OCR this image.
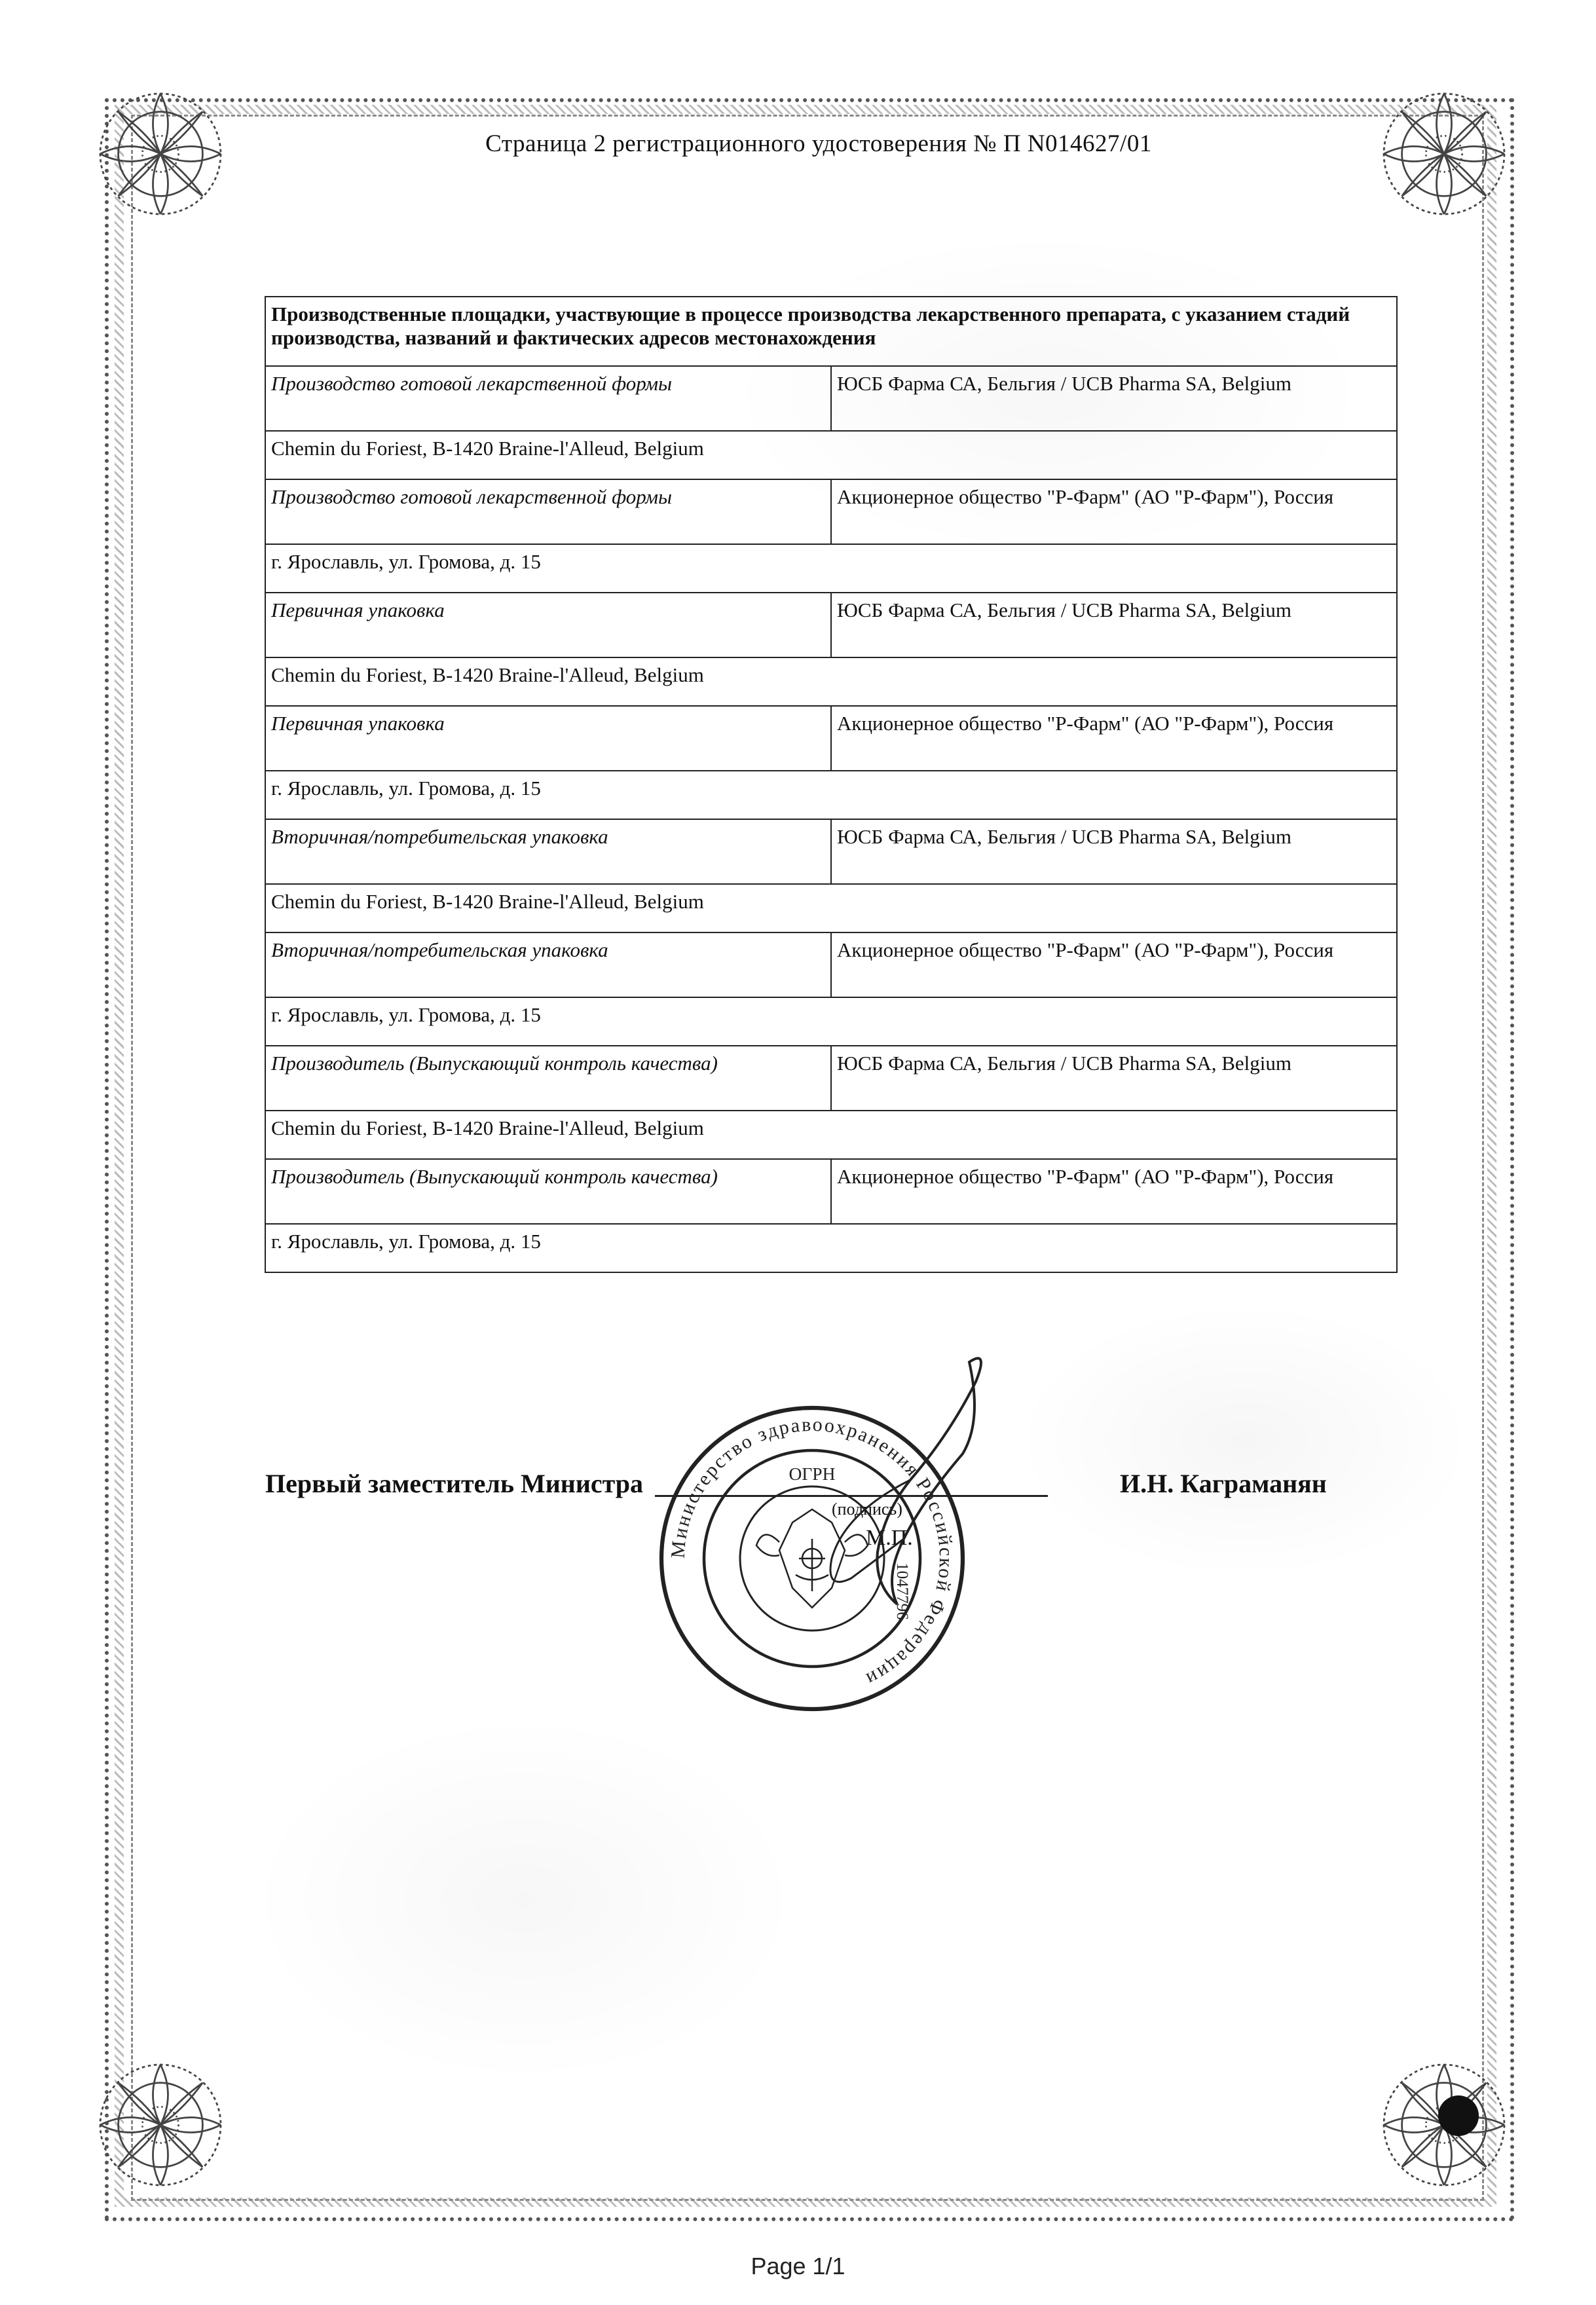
Страница 2 регистрационного удостоверения № П N014627/01
Производственные площадки, участвующие в процессе производства лекарственного препарата, с указанием стадий производства, названий и фактических адресов местонахождения	
Производство готовой лекарственной формы	ЮСБ Фарма СА, Бельгия / UCB Pharma SA, Belgium
Chemin du Foriest, B-1420 Braine-l'Alleud, Belgium	
Производство готовой лекарственной формы	Акционерное общество "Р-Фарм" (АО "Р-Фарм"), Россия
г. Ярославль, ул. Громова, д. 15	
Первичная упаковка	ЮСБ Фарма СА, Бельгия / UCB Pharma SA, Belgium
Chemin du Foriest, B-1420 Braine-l'Alleud, Belgium	
Первичная упаковка	Акционерное общество "Р-Фарм" (АО "Р-Фарм"), Россия
г. Ярославль, ул. Громова, д. 15	
Вторичная/потребительская упаковка	ЮСБ Фарма СА, Бельгия / UCB Pharma SA, Belgium
Chemin du Foriest, B-1420 Braine-l'Alleud, Belgium	
Вторичная/потребительская упаковка	Акционерное общество "Р-Фарм" (АО "Р-Фарм"), Россия
г. Ярославль, ул. Громова, д. 15	
Производитель (Выпускающий контроль качества)	ЮСБ Фарма СА, Бельгия / UCB Pharma SA, Belgium
Chemin du Foriest, B-1420 Braine-l'Alleud, Belgium	
Производитель (Выпускающий контроль качества)	Акционерное общество "Р-Фарм" (АО "Р-Фарм"), Россия
г. Ярославль, ул. Громова, д. 15	
Первый заместитель Министра	И.Н. Каграманян
Министерство здравоохранения Российской Федерации
ОГРН
1047796
(подпись)
М.П.
Page 1/1
